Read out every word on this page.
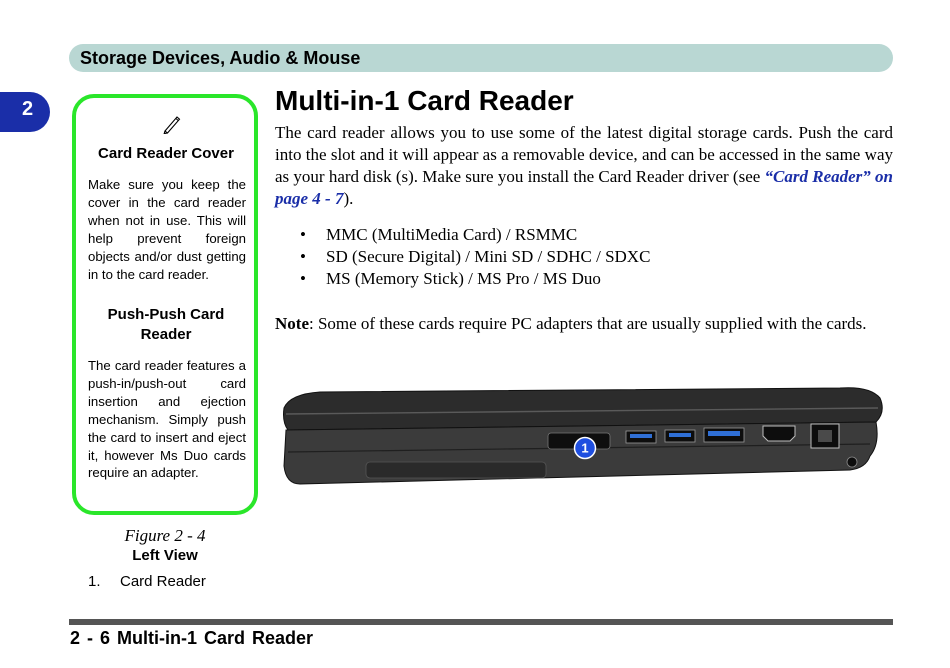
Storage Devices, Audio & Mouse
2
Card Reader Cover
Make sure you keep the cover in the card reader when not in use. This will help prevent foreign objects and/or dust getting in to the card reader.
Push-Push Card Reader
The card reader features a push-in/push-out card insertion and ejection mechanism. Simply push the card to insert and eject it, however Ms Duo cards require an adapter.
Multi-in-1 Card Reader
The card reader allows you to use some of the latest digital storage cards. Push the card into the slot and it will appear as a removable device, and can be accessed in the same way as your hard disk (s). Make sure you install the Card Reader driver (see “Card Reader” on page 4 - 7).
• MMC (MultiMedia Card) / RSMMC
• SD (Secure Digital) / Mini SD / SDHC / SDXC
• MS (Memory Stick) / MS Pro / MS Duo
Note: Some of these cards require PC adapters that are usually supplied with the cards.
1
Figure 2 - 4
Left View
1. Card Reader
2 - 6 Multi-in-1 Card Reader
